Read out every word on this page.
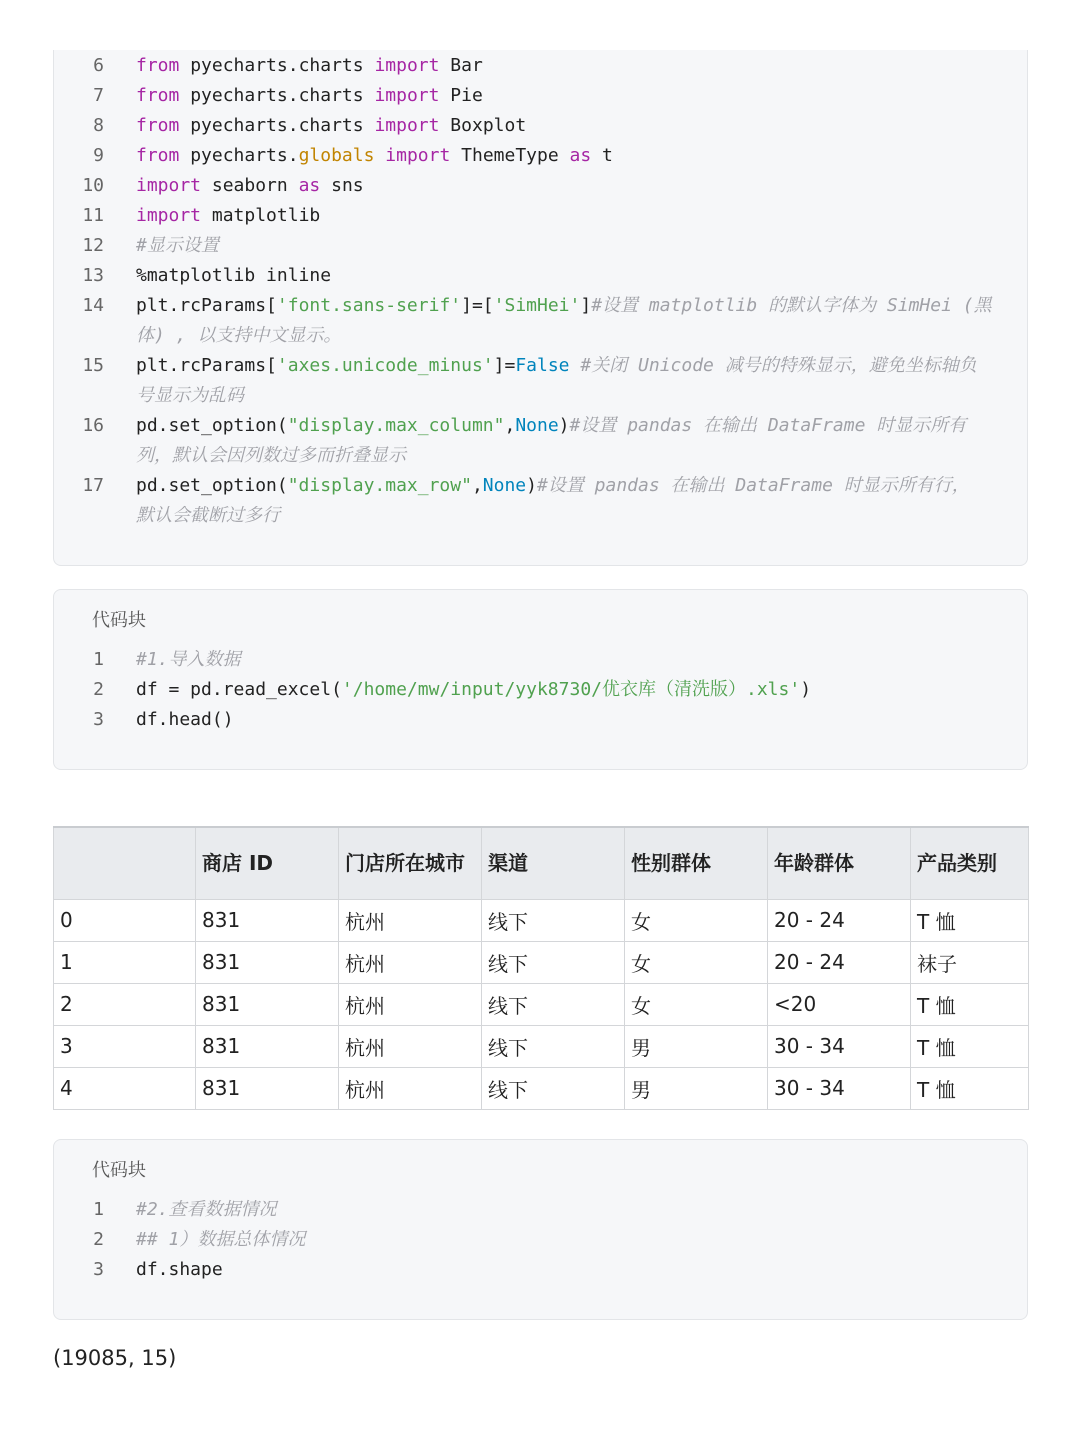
6 from pyecharts.charts import Bar
7 from pyecharts.charts import Pie
8 from pyecharts.charts import Boxplot
9 from pyecharts.globals import ThemeType as t
10 import seaborn as sns
11 import matplotlib
12 #显示设置
13 %matplotlib inline
14 plt.rcParams['font.sans-serif']=['SimHei']#设置 matplotlib 的默认字体为 SimHei (黑
体) , 以支持中文显示。
15 plt.rcParams['axes.unicode_minus']=False #关闭 Unicode 减号的特殊显示，避免坐标轴负
号显示为乱码
16 pd.set_option("display.max_column",None)#设置 pandas 在输出 DataFrame 时显示所有
列，默认会因列数过多而折叠显示
17 pd.set_option("display.max_row",None)#设置 pandas 在输出 DataFrame 时显示所有行，
默认会截断过多行
代码块
1 #1.导入数据
2 df = pd.read_excel('/home/mw/input/yyk8730/优衣库（清洗版）.xls')
3 df.head()
	商店 ID	门店所在城市	渠道	性别群体	年龄群体	产品类别
0	831	杭州	线下	女	20 - 24	T 恤
1	831	杭州	线下	女	20 - 24	袜子
2	831	杭州	线下	女	<20	T 恤
3	831	杭州	线下	男	30 - 34	T 恤
4	831	杭州	线下	男	30 - 34	T 恤
代码块
1 #2.查看数据情况
2 ## 1）数据总体情况
3 df.shape
(19085, 15)
